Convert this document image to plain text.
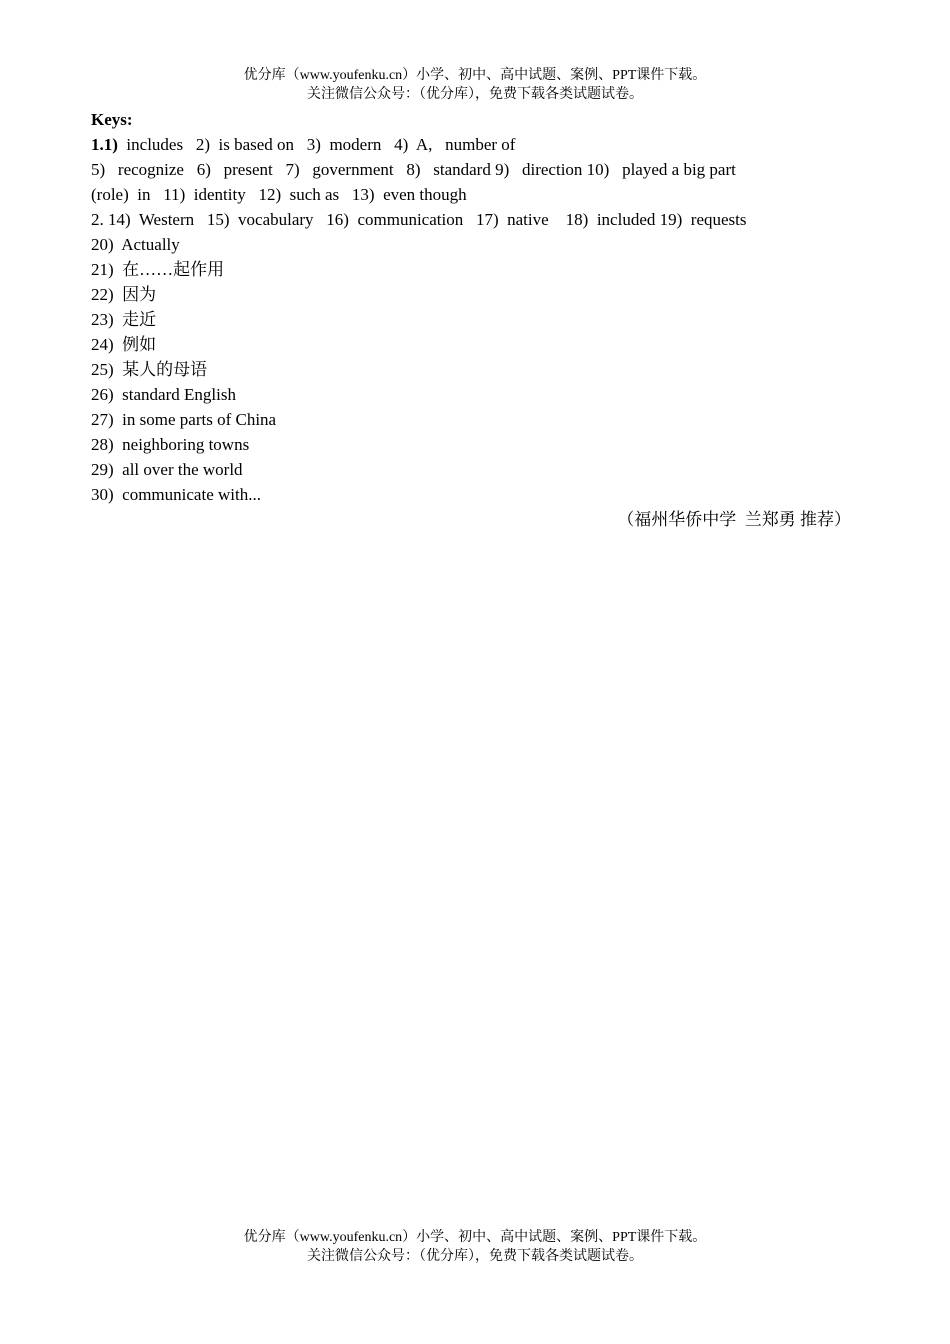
优分库（www.youfenku.cn）小学、初中、高中试题、案例、PPT课件下载。
关注微信公众号：（优分库），免费下载各类试题试卷。
Keys:
1.1)  includes   2)  is based on   3)  modern   4)  A,   number of
5)   recognize   6)   present   7)   government   8)   standard 9)   direction 10)   played a big part
(role)  in   11)  identity   12)  such as   13)  even though
2. 14)  Western   15)  vocabulary   16)  communication   17)  native    18)  included 19)  requests
20)  Actually
21)  在……起作用
22)  因为
23)  走近
24)  例如
25)  某人的母语
26)  standard English
27)  in some parts of China
28)  neighboring towns
29)  all over the world
30)  communicate with...
（福州华侨中学  兰郑勇 推荐）
优分库（www.youfenku.cn）小学、初中、高中试题、案例、PPT课件下载。
关注微信公众号：（优分库），免费下载各类试题试卷。
